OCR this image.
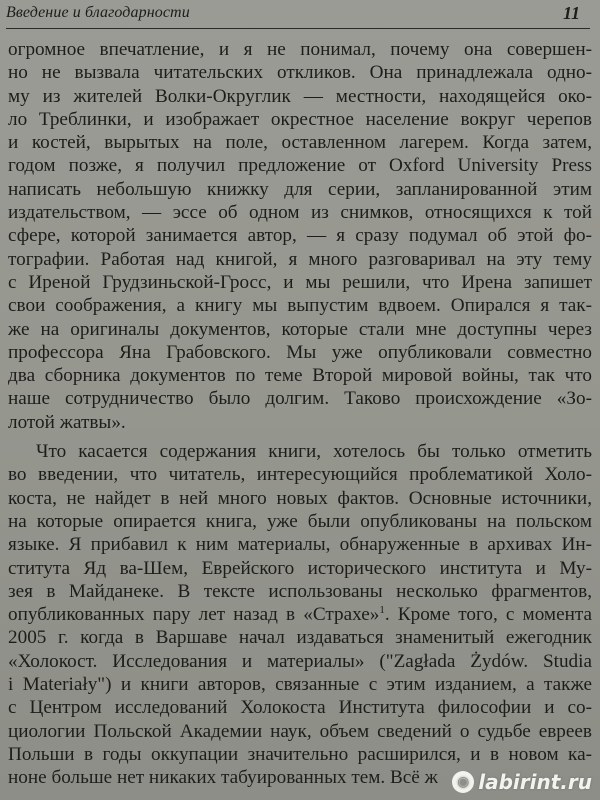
Введение и благодарности	11
огромное впечатление, и я не понимал, почему она совершен-
но не вызвала читательских откликов. Она принадлежала одно-
му из жителей Волки-Округлик — местности, находящейся око-
ло Треблинки, и изображает окрестное население вокруг черепов
и костей, вырытых на поле, оставленном лагерем. Когда затем,
годом позже, я получил предложение от Oxford University Press
написать небольшую книжку для серии, запланированной этим
издательством, — эссе об одном из снимков, относящихся к той
сфере, которой занимается автор, — я сразу подумал об этой фо-
тографии. Работая над книгой, я много разговаривал на эту тему
с Иреной Грудзиньской-Гросс, и мы решили, что Ирена запишет
свои соображения, а книгу мы выпустим вдвоем. Опирался я так-
же на оригиналы документов, которые стали мне доступны через
профессора Яна Грабовского. Мы уже опубликовали совместно
два сборника документов по теме Второй мировой войны, так что
наше сотрудничество было долгим. Таково происхождение «Зо-
лотой жатвы».
Что касается содержания книги, хотелось бы только отметить
во введении, что читатель, интересующийся проблематикой Холо-
коста, не найдет в ней много новых фактов. Основные источники,
на которые опирается книга, уже были опубликованы на польском
языке. Я прибавил к ним материалы, обнаруженные в архивах Ин-
ститута Яд ва-Шем, Еврейского исторического института и Му-
зея в Майданеке. В тексте использованы несколько фрагментов,
опубликованных пару лет назад в «Страхе»$^1$. Кроме того, с момента
2005 г. когда в Варшаве начал издаваться знаменитый ежегодник
«Холокост. Исследования и материалы» ("Zagłada Żydów. Studia
i Materiały") и книги авторов, связанные с этим изданием, а также
с Центром исследований Холокоста Института философии и со-
циологии Польской Академии наук, объем сведений о судьбе евреев
Польши в годы оккупации значительно расширился, и в новом ка-
ноне больше нет никаких табуированных тем. Всё ж	◉ labirint.ru
